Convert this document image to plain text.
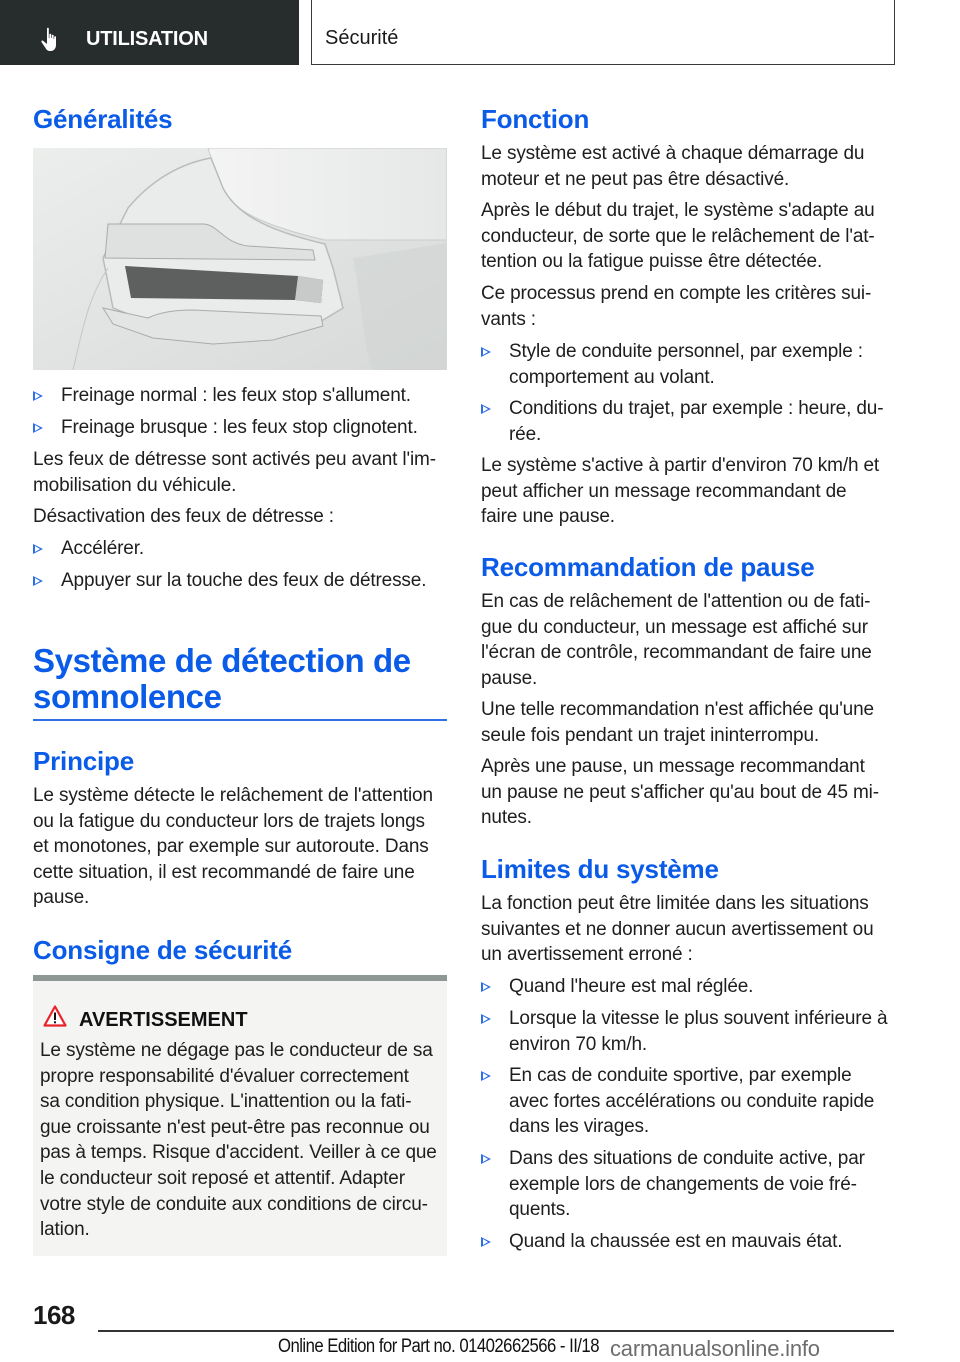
UTILISATION	Sécurité
Généralités
Freinage normal : les feux stop s'allument.
Freinage brusque : les feux stop clignotent.
Les feux de détresse sont activés peu avant l'im-
mobilisation du véhicule.
Désactivation des feux de détresse :
Accélérer.
Appuyer sur la touche des feux de détresse.
Système de détection de
somnolence
Principe
Le système détecte le relâchement de l'attention
ou la fatigue du conducteur lors de trajets longs
et monotones, par exemple sur autoroute. Dans
cette situation, il est recommandé de faire une
pause.
Consigne de sécurité
AVERTISSEMENT
Le système ne dégage pas le conducteur de sa
propre responsabilité d'évaluer correctement
sa condition physique. L'inattention ou la fati-
gue croissante n'est peut-être pas reconnue ou
pas à temps. Risque d'accident. Veiller à ce que
le conducteur soit reposé et attentif. Adapter
votre style de conduite aux conditions de circu-
lation.
Fonction
Le système est activé à chaque démarrage du
moteur et ne peut pas être désactivé.
Après le début du trajet, le système s'adapte au
conducteur, de sorte que le relâchement de l'at-
tention ou la fatigue puisse être détectée.
Ce processus prend en compte les critères sui-
vants :
Style de conduite personnel, par exemple :
comportement au volant.
Conditions du trajet, par exemple : heure, du-
rée.
Le système s'active à partir d'environ 70 km/h et
peut afficher un message recommandant de
faire une pause.
Recommandation de pause
En cas de relâchement de l'attention ou de fati-
gue du conducteur, un message est affiché sur
l'écran de contrôle, recommandant de faire une
pause.
Une telle recommandation n'est affichée qu'une
seule fois pendant un trajet ininterrompu.
Après une pause, un message recommandant
un pause ne peut s'afficher qu'au bout de 45 mi-
nutes.
Limites du système
La fonction peut être limitée dans les situations
suivantes et ne donner aucun avertissement ou
un avertissement erroné :
Quand l'heure est mal réglée.
Lorsque la vitesse le plus souvent inférieure à
environ 70 km/h.
En cas de conduite sportive, par exemple
avec fortes accélérations ou conduite rapide
dans les virages.
Dans des situations de conduite active, par
exemple lors de changements de voie fré-
quents.
Quand la chaussée est en mauvais état.
168
Online Edition for Part no. 01402662566 - II/18 carmanualsonline.info
